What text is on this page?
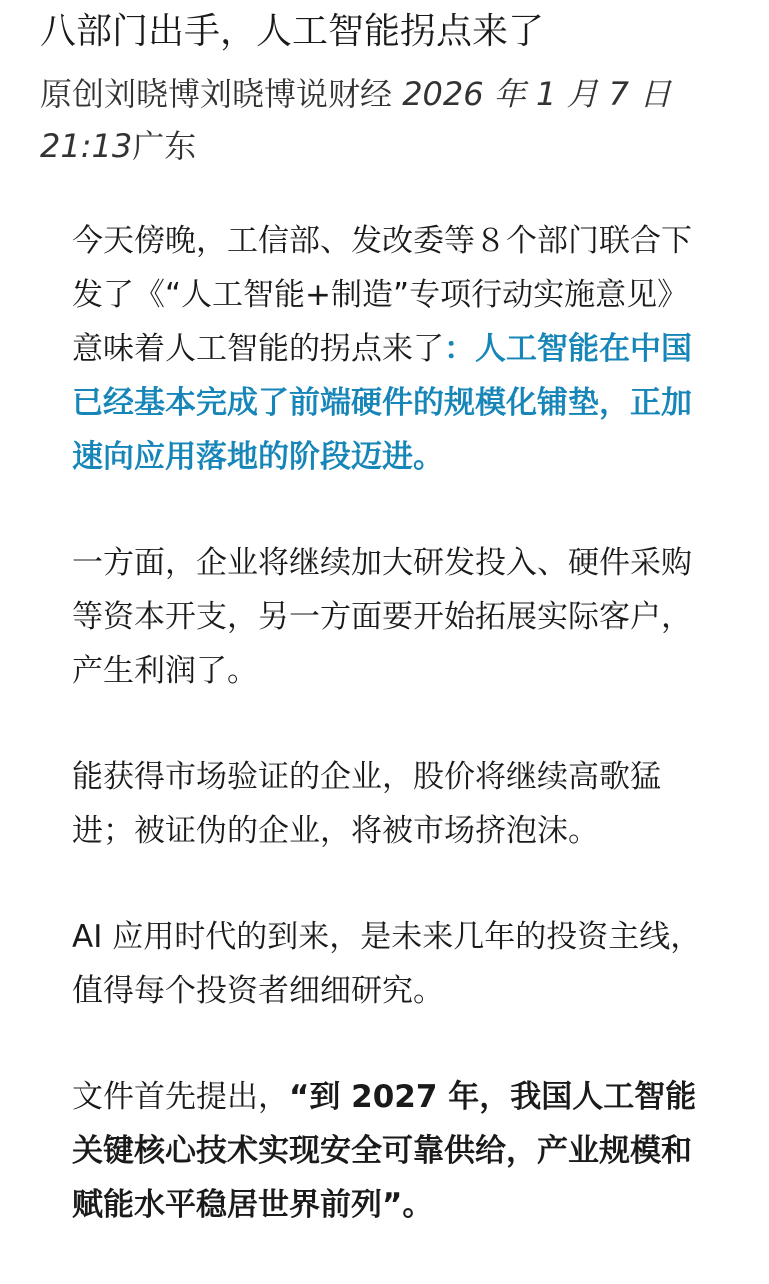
八部门出手，人工智能拐点来了
原创刘晓博刘晓博说财经 2026 年 1 月 7 日
21:13广东

今天傍晚，工信部、发改委等８个部门联合下发了《“人工智能+制造”专项行动实施意见》意味着人工智能的拐点来了：人工智能在中国已经基本完成了前端硬件的规模化铺垫，正加速向应用落地的阶段迈进。

一方面，企业将继续加大研发投入、硬件采购等资本开支，另一方面要开始拓展实际客户，产生利润了。

能获得市场验证的企业，股价将继续高歌猛进；被证伪的企业，将被市场挤泡沫。

AI 应用时代的到来，是未来几年的投资主线，值得每个投资者细细研究。

文件首先提出，“到 2027 年，我国人工智能关键核心技术实现安全可靠供给，产业规模和赋能水平稳居世界前列”。
